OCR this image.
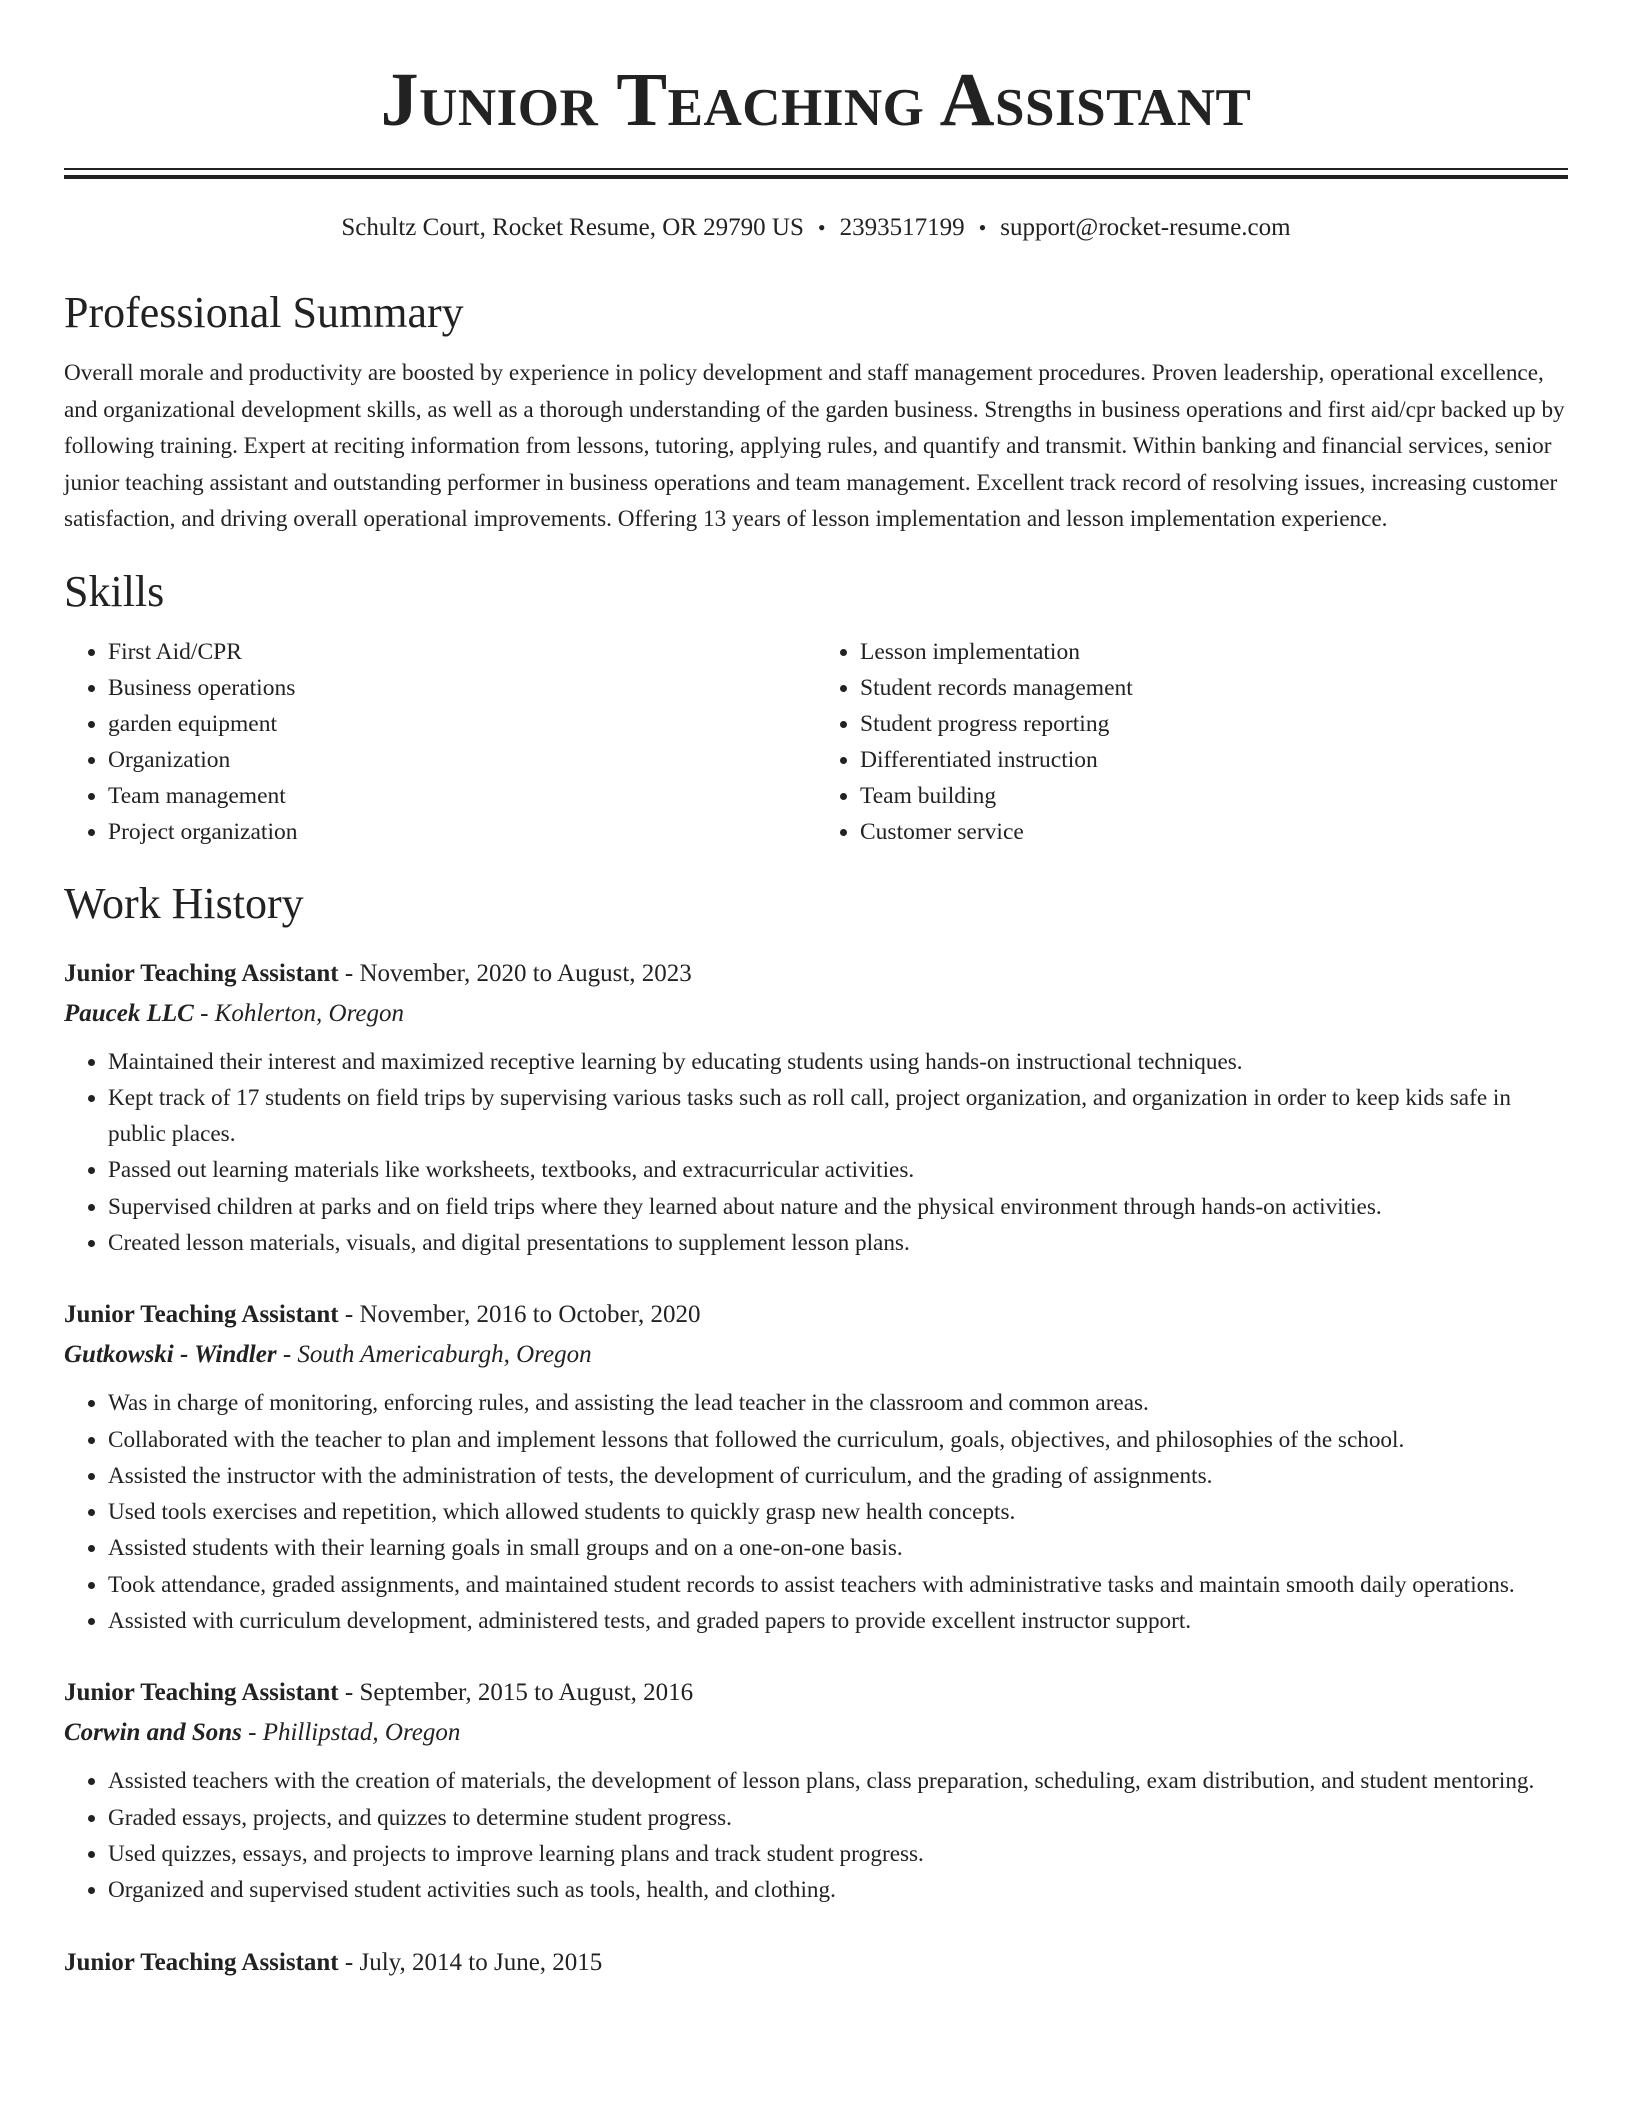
Junior Teaching Assistant
Schultz Court, Rocket Resume, OR 29790 US • 2393517199 • support@rocket-resume.com
Professional Summary
Overall morale and productivity are boosted by experience in policy development and staff management procedures. Proven leadership, operational excellence, and organizational development skills, as well as a thorough understanding of the garden business. Strengths in business operations and first aid/cpr backed up by following training. Expert at reciting information from lessons, tutoring, applying rules, and quantify and transmit. Within banking and financial services, senior junior teaching assistant and outstanding performer in business operations and team management. Excellent track record of resolving issues, increasing customer satisfaction, and driving overall operational improvements. Offering 13 years of lesson implementation and lesson implementation experience.
Skills
• First Aid/CPR
• Business operations
• garden equipment
• Organization
• Team management
• Project organization
• Lesson implementation
• Student records management
• Student progress reporting
• Differentiated instruction
• Team building
• Customer service
Work History
Junior Teaching Assistant - November, 2020 to August, 2023
Paucek LLC - Kohlerton, Oregon
• Maintained their interest and maximized receptive learning by educating students using hands-on instructional techniques.
• Kept track of 17 students on field trips by supervising various tasks such as roll call, project organization, and organization in order to keep kids safe in public places.
• Passed out learning materials like worksheets, textbooks, and extracurricular activities.
• Supervised children at parks and on field trips where they learned about nature and the physical environment through hands-on activities.
• Created lesson materials, visuals, and digital presentations to supplement lesson plans.
Junior Teaching Assistant - November, 2016 to October, 2020
Gutkowski - Windler - South Americaburgh, Oregon
• Was in charge of monitoring, enforcing rules, and assisting the lead teacher in the classroom and common areas.
• Collaborated with the teacher to plan and implement lessons that followed the curriculum, goals, objectives, and philosophies of the school.
• Assisted the instructor with the administration of tests, the development of curriculum, and the grading of assignments.
• Used tools exercises and repetition, which allowed students to quickly grasp new health concepts.
• Assisted students with their learning goals in small groups and on a one-on-one basis.
• Took attendance, graded assignments, and maintained student records to assist teachers with administrative tasks and maintain smooth daily operations.
• Assisted with curriculum development, administered tests, and graded papers to provide excellent instructor support.
Junior Teaching Assistant - September, 2015 to August, 2016
Corwin and Sons - Phillipstad, Oregon
• Assisted teachers with the creation of materials, the development of lesson plans, class preparation, scheduling, exam distribution, and student mentoring.
• Graded essays, projects, and quizzes to determine student progress.
• Used quizzes, essays, and projects to improve learning plans and track student progress.
• Organized and supervised student activities such as tools, health, and clothing.
Junior Teaching Assistant - July, 2014 to June, 2015
